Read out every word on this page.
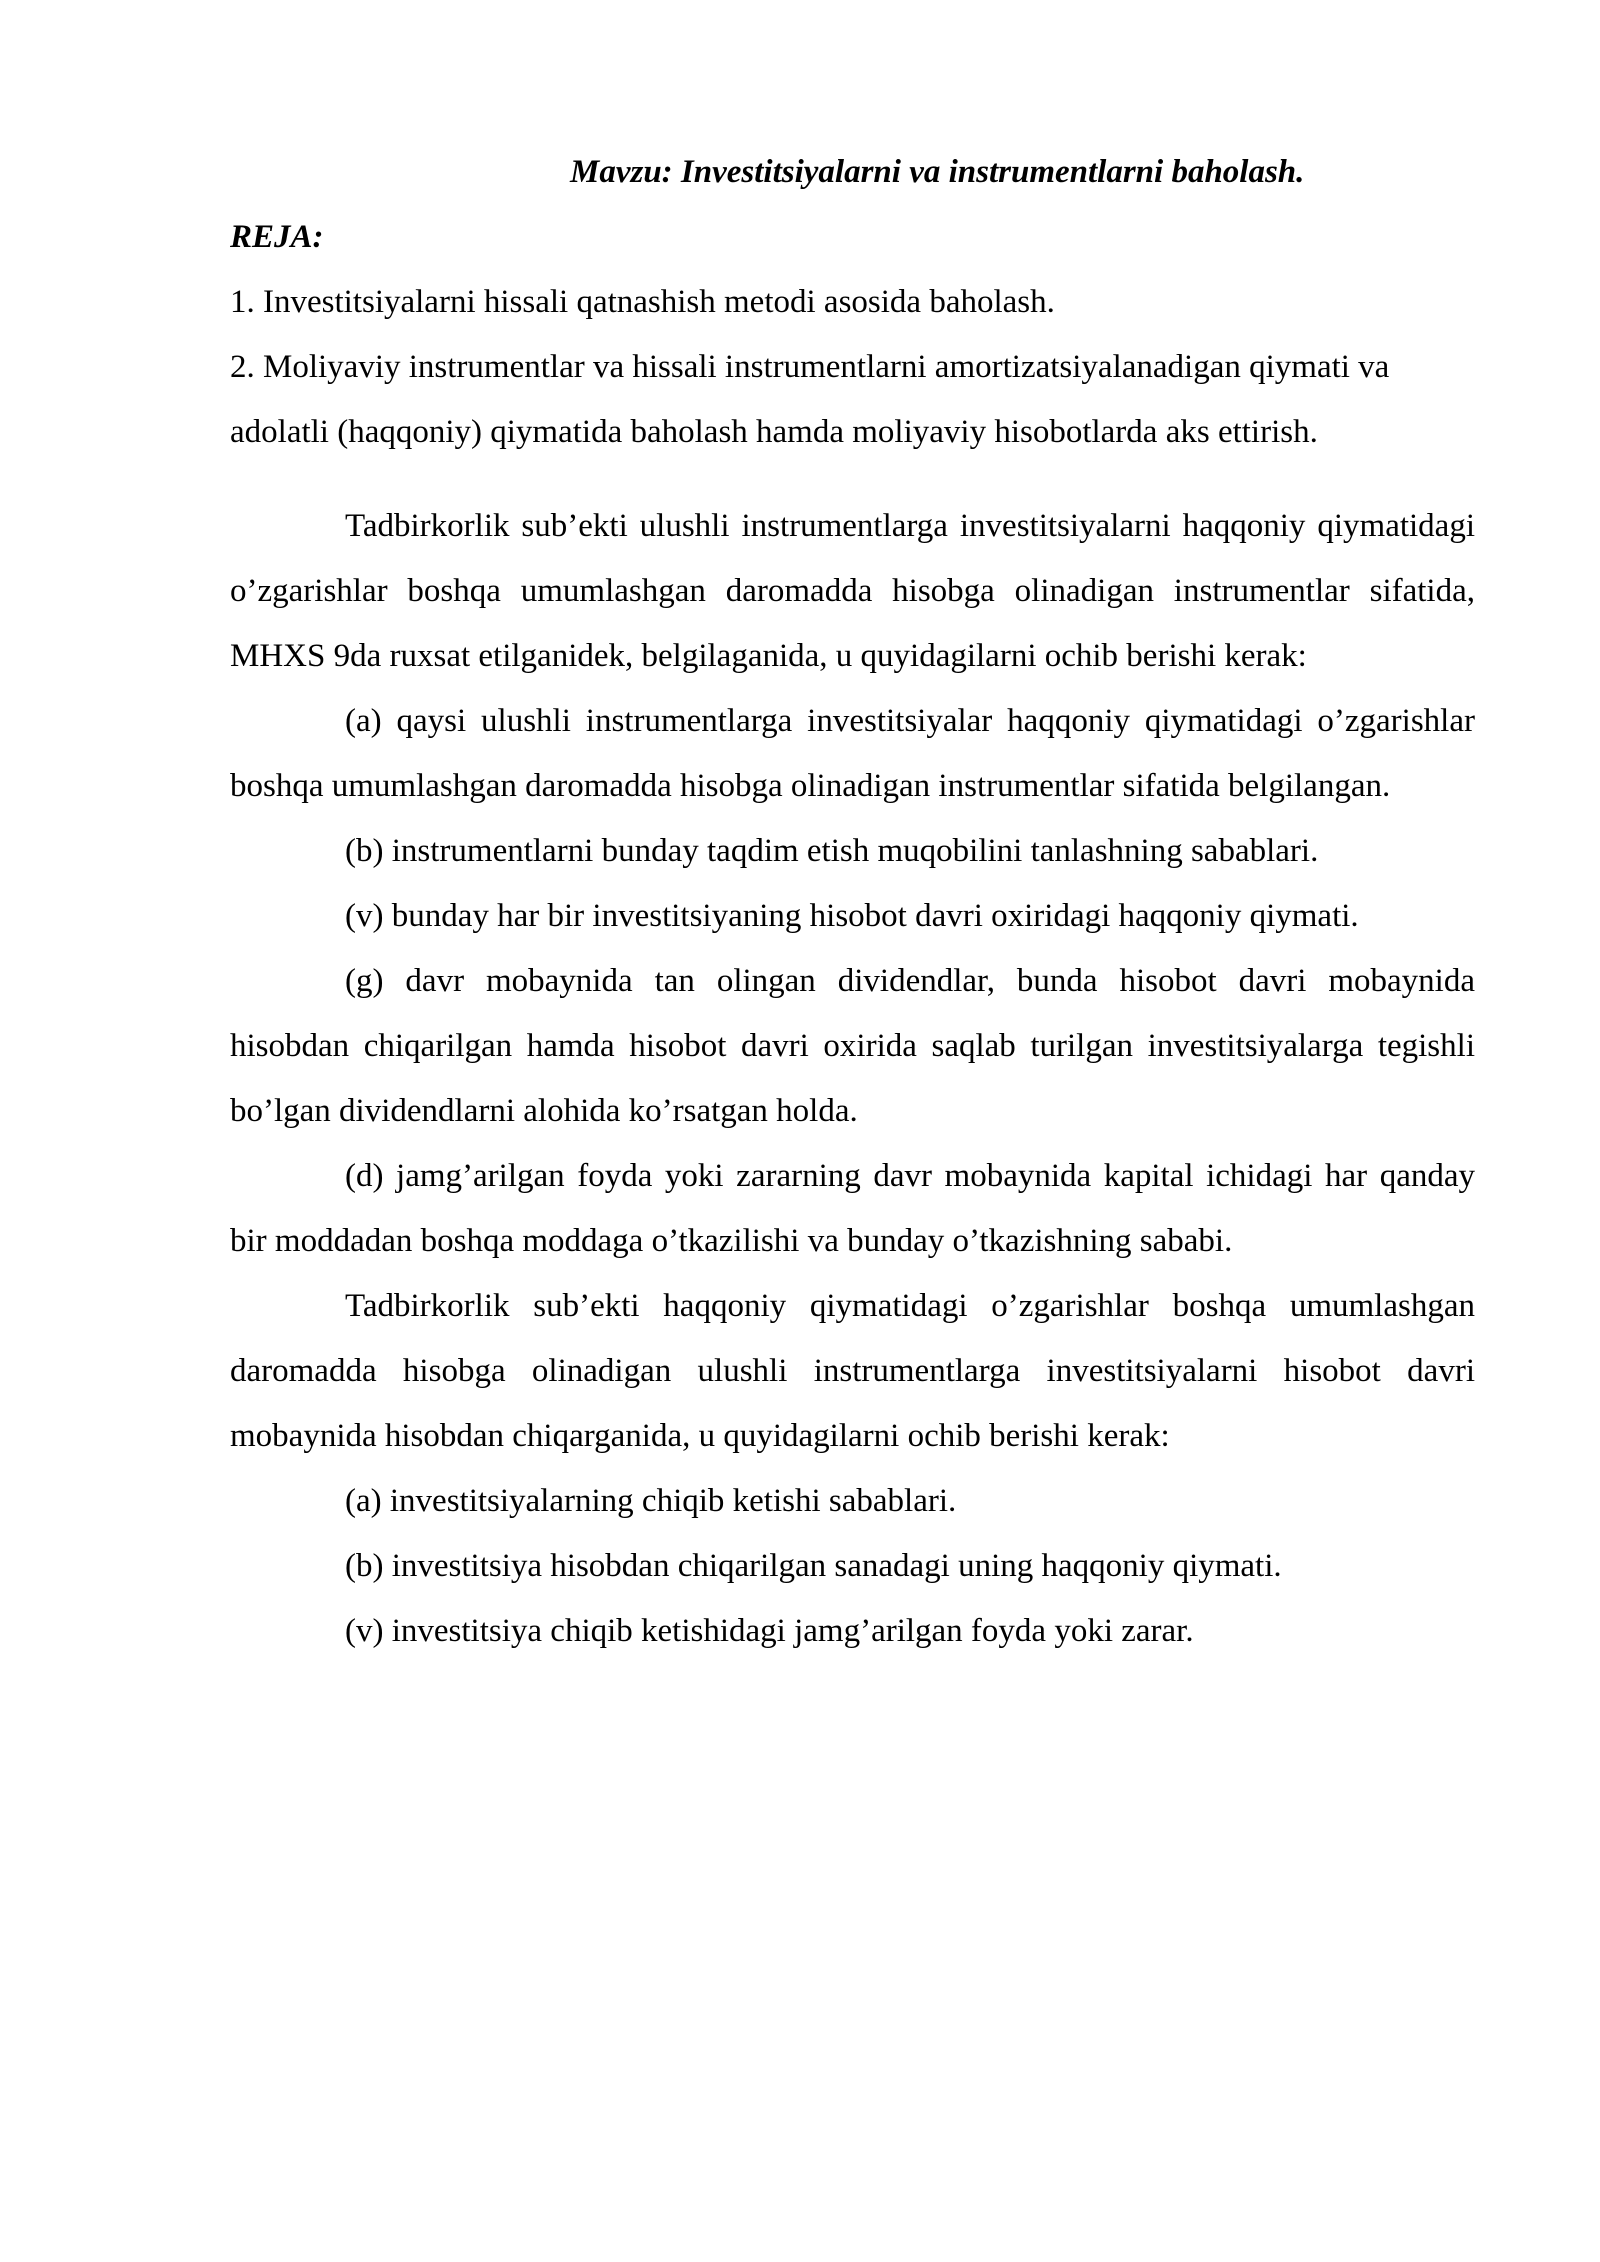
Mavzu: Investitsiyalarni va instrumentlarni baholash.

REJA:

1. Investitsiyalarni hissali qatnashish metodi asosida baholash.
2. Moliyaviy instrumentlar va hissali instrumentlarni amortizatsiyalanadigan qiymati va adolatli (haqqoniy) qiymatida baholash hamda moliyaviy hisobotlarda aks ettirish.

Tadbirkorlik sub’ekti ulushli instrumentlarga investitsiyalarni haqqoniy qiymatidagi o’zgarishlar boshqa umumlashgan daromadda hisobga olinadigan instrumentlar sifatida, MHXS 9da ruxsat etilganidek, belgilaganida, u quyidagilarni ochib berishi kerak:

(a) qaysi ulushli instrumentlarga investitsiyalar haqqoniy qiymatidagi o’zgarishlar boshqa umumlashgan daromadda hisobga olinadigan instrumentlar sifatida belgilangan.

(b) instrumentlarni bunday taqdim etish muqobilini tanlashning sabablari.

(v) bunday har bir investitsiyaning hisobot davri oxiridagi haqqoniy qiymati.

(g) davr mobaynida tan olingan dividendlar, bunda hisobot davri mobaynida hisobdan chiqarilgan hamda hisobot davri oxirida saqlab turilgan investitsiyalarga tegishli bo’lgan dividendlarni alohida ko’rsatgan holda.

(d) jamg’arilgan foyda yoki zararning davr mobaynida kapital ichidagi har qanday bir moddadan boshqa moddaga o’tkazilishi va bunday o’tkazishning sababi.

Tadbirkorlik sub’ekti haqqoniy qiymatidagi o’zgarishlar boshqa umumlashgan daromadda hisobga olinadigan ulushli instrumentlarga investitsiyalarni hisobot davri mobaynida hisobdan chiqarganida, u quyidagilarni ochib berishi kerak:

(a) investitsiyalarning chiqib ketishi sabablari.

(b) investitsiya hisobdan chiqarilgan sanadagi uning haqqoniy qiymati.

(v) investitsiya chiqib ketishidagi jamg’arilgan foyda yoki zarar.
